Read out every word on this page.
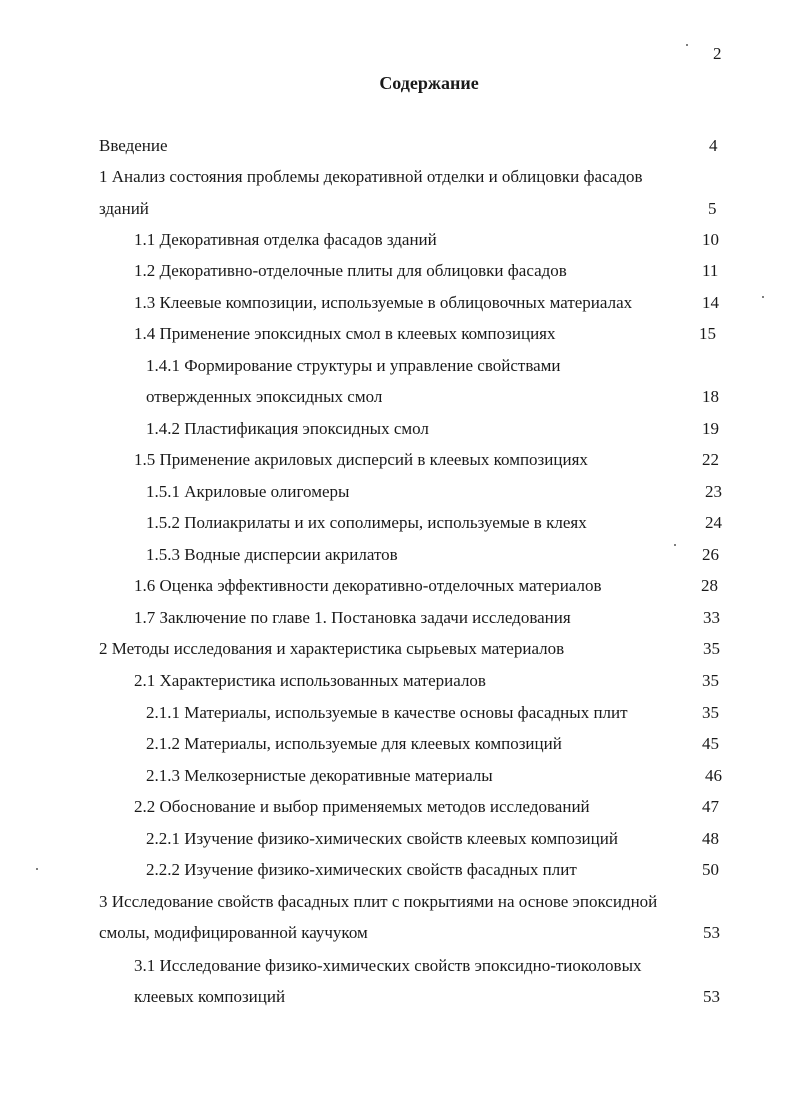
2
Содержание
Введение	4
1 Анализ состояния проблемы декоративной отделки и облицовки фасадов
зданий	5
1.1 Декоративная отделка фасадов зданий	10
1.2 Декоративно-отделочные плиты для облицовки фасадов	11
1.3 Клеевые композиции, используемые в облицовочных материалах	14
1.4 Применение эпоксидных смол в клеевых композициях	15
1.4.1 Формирование структуры и управление свойствами
отвержденных эпоксидных смол	18
1.4.2 Пластификация эпоксидных смол	19
1.5 Применение акриловых дисперсий в клеевых композициях	22
1.5.1 Акриловые олигомеры	23
1.5.2 Полиакрилаты и их сополимеры, используемые в клеях	24
1.5.3 Водные дисперсии акрилатов	26
1.6 Оценка эффективности декоративно-отделочных материалов	28
1.7 Заключение по главе 1. Постановка задачи исследования	33
2 Методы исследования и характеристика сырьевых материалов	35
2.1 Характеристика использованных материалов	35
2.1.1 Материалы, используемые в качестве основы фасадных плит	35
2.1.2 Материалы, используемые для клеевых композиций	45
2.1.3 Мелкозернистые декоративные материалы	46
2.2 Обоснование и выбор применяемых методов исследований	47
2.2.1 Изучение физико-химических свойств клеевых композиций	48
2.2.2 Изучение физико-химических свойств фасадных плит	50
3 Исследование свойств фасадных плит с покрытиями на основе эпоксидной
смолы, модифицированной каучуком	53
3.1 Исследование физико-химических свойств эпоксидно-тиоколовых
клеевых композиций	53
